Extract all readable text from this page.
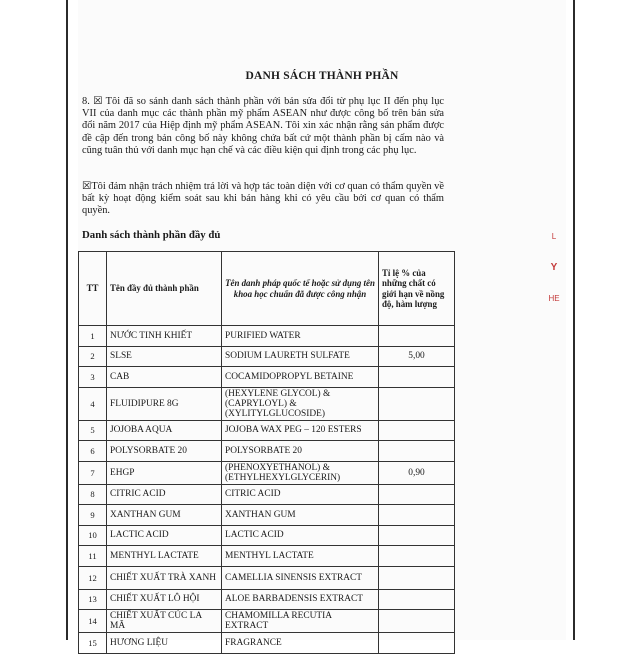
DANH SÁCH THÀNH PHẦN
8. ☒ Tôi đã so sánh danh sách thành phần với bản sửa đổi từ phụ lục II đến phụ lục VII của danh mục các thành phần mỹ phẩm ASEAN như được công bố trên bản sửa đổi năm 2017 của Hiệp định mỹ phẩm ASEAN. Tôi xin xác nhận rằng sản phẩm được đề cập đến trong bản công bố này không chứa bất cứ một thành phần bị cấm nào và cũng tuân thủ với danh mục hạn chế và các điều kiện qui định trong các phụ lục.
☒Tôi đảm nhận trách nhiệm trả lời và hợp tác toàn diện với cơ quan có thẩm quyền về bất kỳ hoạt động kiểm soát sau khi bán hàng khi có yêu cầu bởi cơ quan có thẩm quyền.
Danh sách thành phần đầy đủ
TT	Tên đầy đủ thành phần	Tên danh pháp quốc tế hoặc sử dụng tên khoa học chuẩn đã được công nhận	Tỉ lệ % của những chất có giới hạn về nồng độ, hàm lượng
1	NƯỚC TINH KHIẾT	PURIFIED WATER	
2	SLSE	SODIUM LAURETH SULFATE	5,00
3	CAB	COCAMIDOPROPYL BETAINE	
4	FLUIDIPURE 8G	(HEXYLENE GLYCOL) & (CAPRYLOYL) & (XYLITYLGLUCOSIDE)	
5	JOJOBA AQUA	JOJOBA WAX PEG – 120 ESTERS	
6	POLYSORBATE 20	POLYSORBATE 20	
7	EHGP	(PHENOXYETHANOL) & (ETHYLHEXYLGLYCERIN)	0,90
8	CITRIC ACID	CITRIC ACID	
9	XANTHAN GUM	XANTHAN GUM	
10	LACTIC ACID	LACTIC ACID	
11	MENTHYL LACTATE	MENTHYL LACTATE	
12	CHIẾT XUẤT TRÀ XANH	CAMELLIA SINENSIS EXTRACT	
13	CHIẾT XUẤT LÔ HỘI	ALOE BARBADENSIS EXTRACT	
14	CHIẾT XUẤT CÚC LA MÃ	CHAMOMILLA RECUTIA EXTRACT	
15	HƯƠNG LIỆU	FRAGRANCE	
L
Y
HE
